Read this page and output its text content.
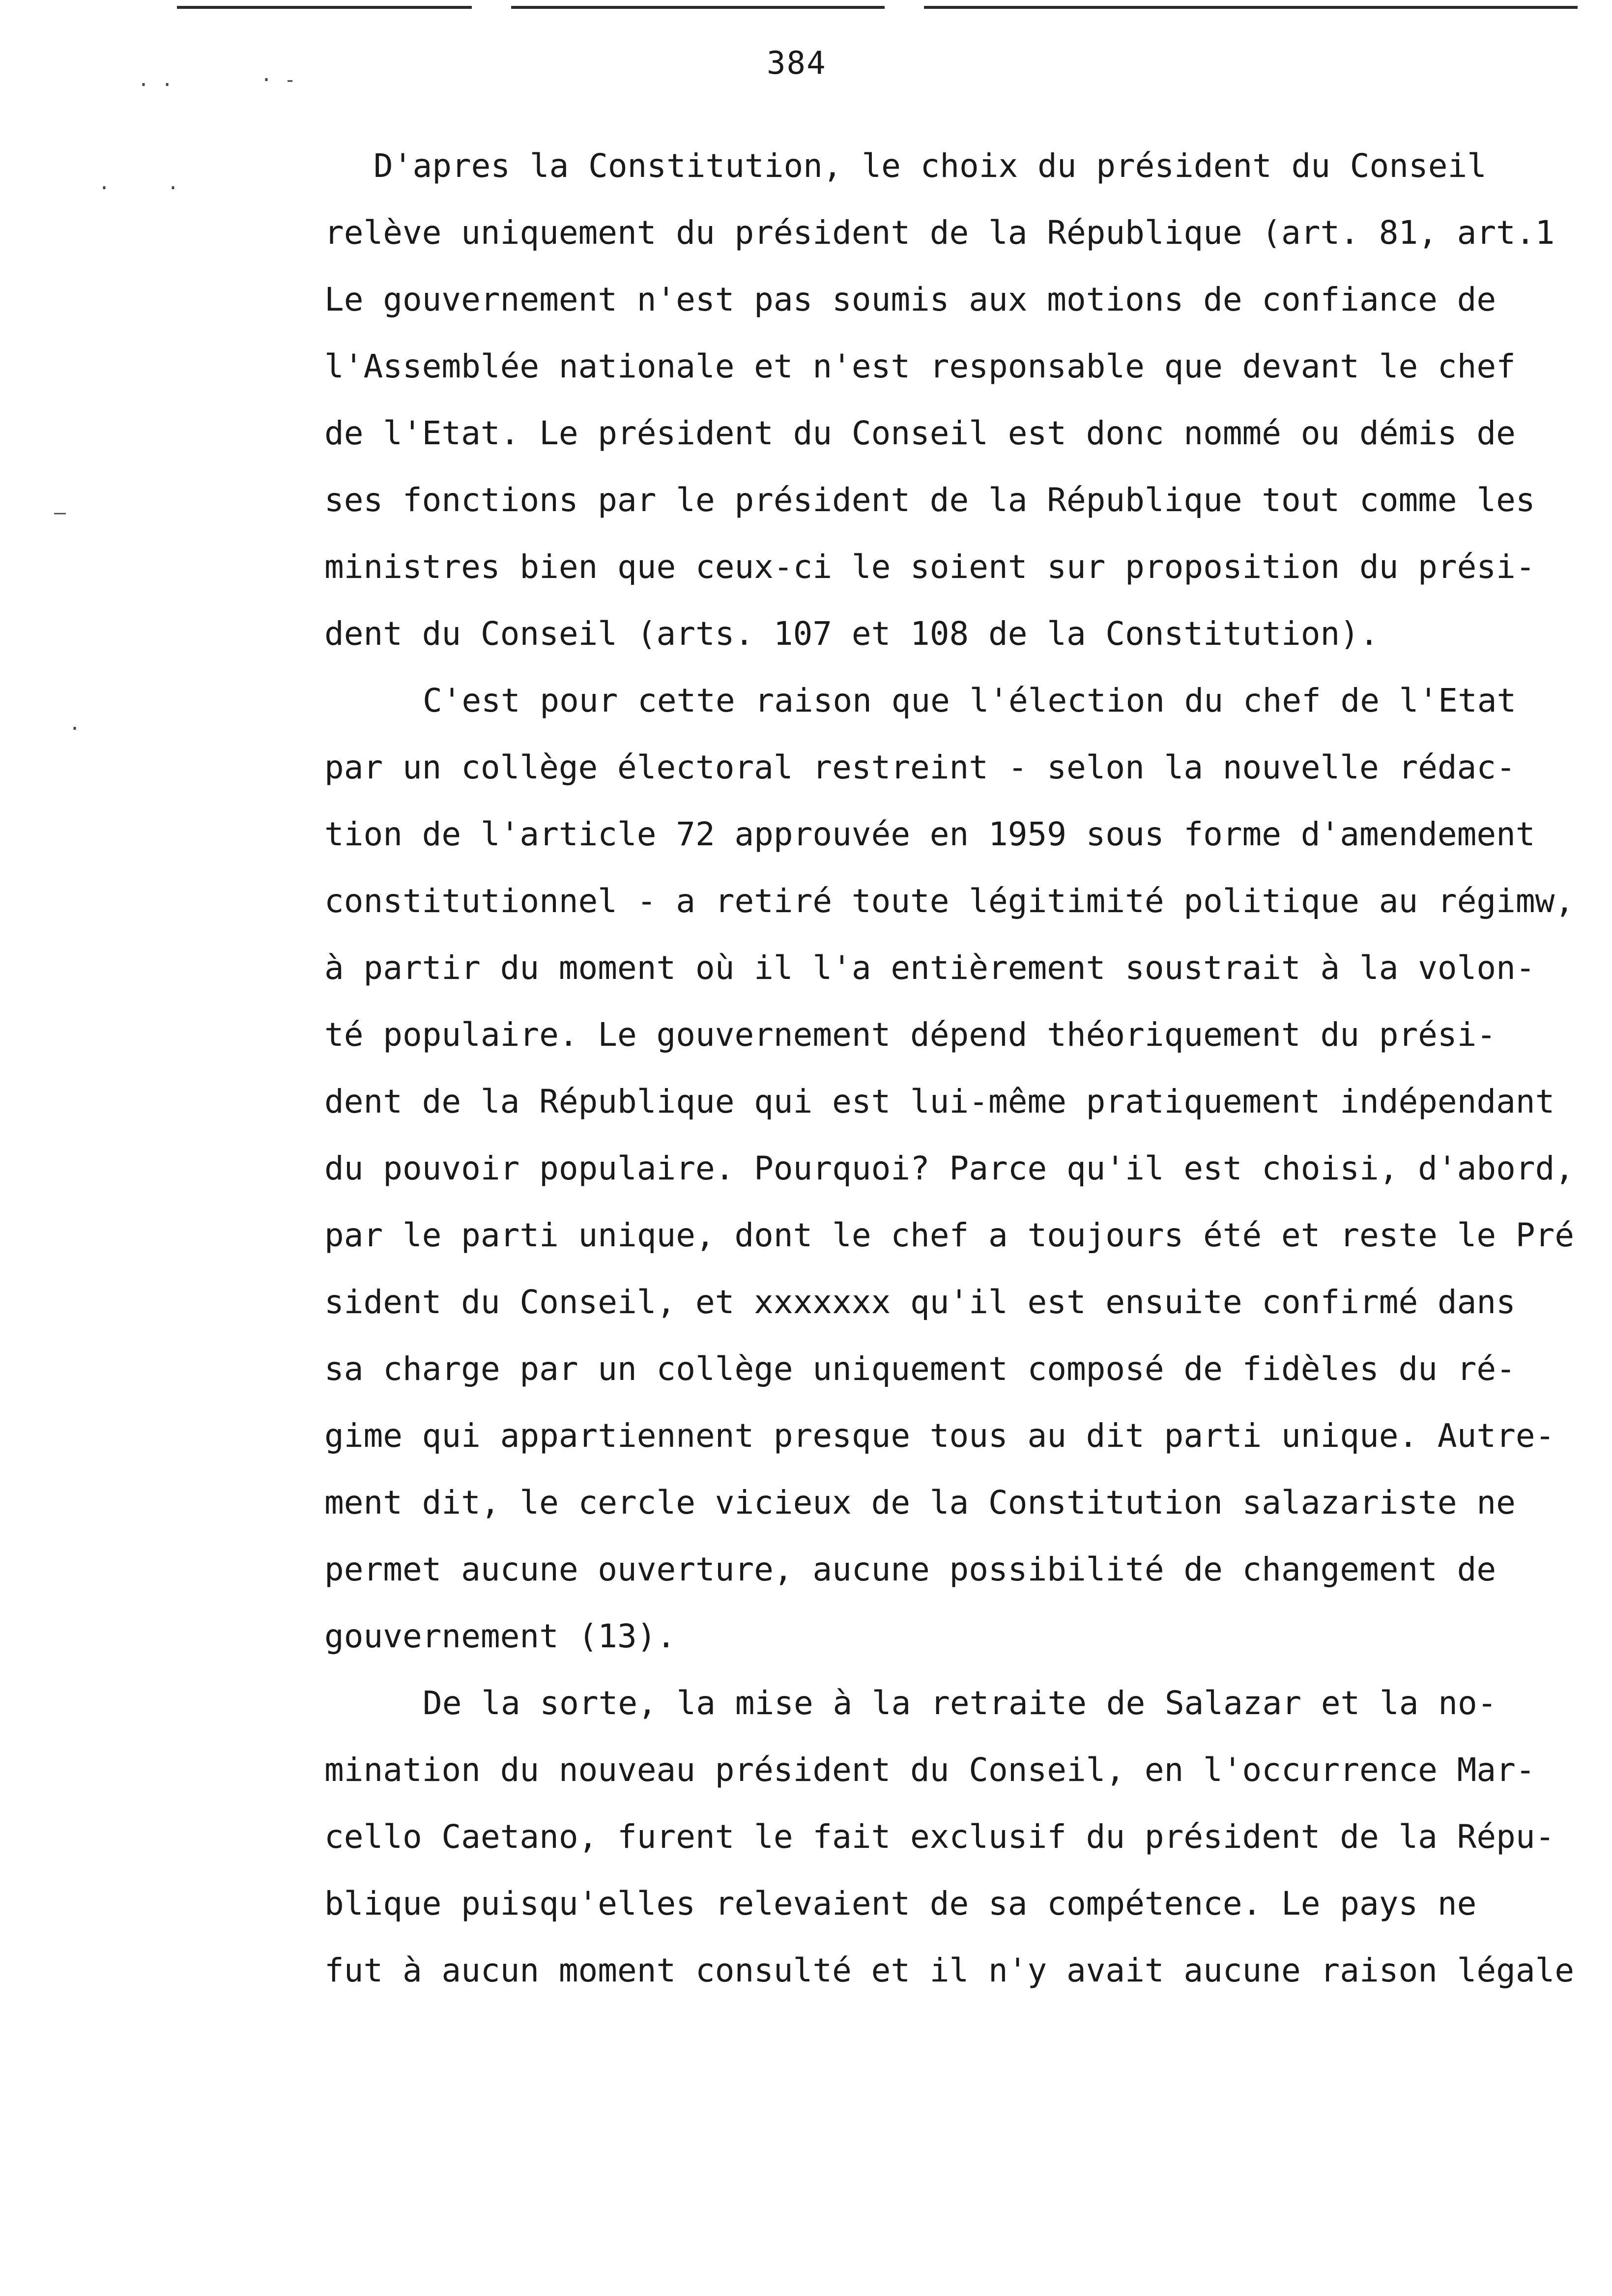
384
· ·	· -
·	·
—
·
D'apres la Constitution, le choix du président du Conseil
relève uniquement du président de la République (art. 81, art.1
Le gouvernement n'est pas soumis aux motions de confiance de
l'Assemblée nationale et n'est responsable que devant le chef
de l'Etat. Le président du Conseil est donc nommé ou démis de
ses fonctions par le président de la République tout comme les
ministres bien que ceux-ci le soient sur proposition du prési-
dent du Conseil (arts. 107 et 108 de la Constitution).
C'est pour cette raison que l'élection du chef de l'Etat
par un collège électoral restreint - selon la nouvelle rédac-
tion de l'article 72 approuvée en 1959 sous forme d'amendement
constitutionnel - a retiré toute légitimité politique au régimw,
à partir du moment où il l'a entièrement soustrait à la volon-
té populaire. Le gouvernement dépend théoriquement du prési-
dent de la République qui est lui-même pratiquement indépendant
du pouvoir populaire. Pourquoi? Parce qu'il est choisi, d'abord,
par le parti unique, dont le chef a toujours été et reste le Pré
sident du Conseil, et xxxxxxx qu'il est ensuite confirmé dans
sa charge par un collège uniquement composé de fidèles du ré-
gime qui appartiennent presque tous au dit parti unique. Autre-
ment dit, le cercle vicieux de la Constitution salazariste ne
permet aucune ouverture, aucune possibilité de changement de
gouvernement (13).
De la sorte, la mise à la retraite de Salazar et la no-
mination du nouveau président du Conseil, en l'occurrence Mar-
cello Caetano, furent le fait exclusif du président de la Répu-
blique puisqu'elles relevaient de sa compétence. Le pays ne
fut à aucun moment consulté et il n'y avait aucune raison légale
